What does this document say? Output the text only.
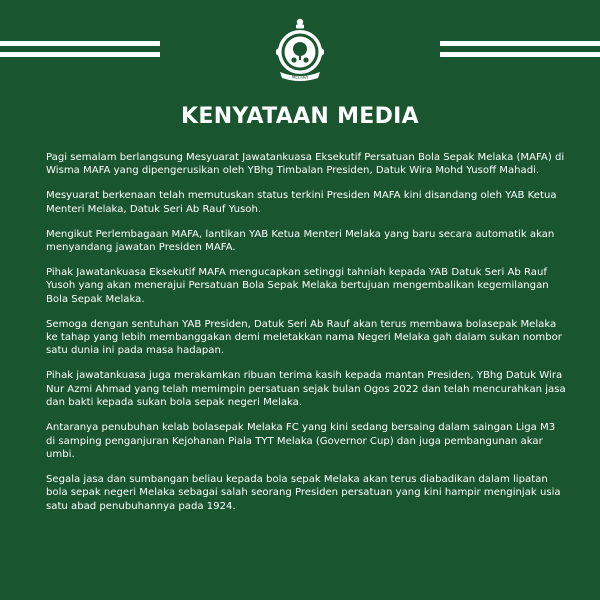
MELAKA
KENYATAAN MEDIA

Pagi semalam berlangsung Mesyuarat Jawatankuasa Eksekutif Persatuan Bola Sepak Melaka (MAFA) di Wisma MAFA yang dipengerusikan oleh YBhg Timbalan Presiden, Datuk Wira Mohd Yusoff Mahadi.

Mesyuarat berkenaan telah memutuskan status terkini Presiden MAFA kini disandang oleh YAB Ketua Menteri Melaka, Datuk Seri Ab Rauf Yusoh.

Mengikut Perlembagaan MAFA, lantikan YAB Ketua Menteri Melaka yang baru secara automatik akan menyandang jawatan Presiden MAFA.

Pihak Jawatankuasa Eksekutif MAFA mengucapkan setinggi tahniah kepada YAB Datuk Seri Ab Rauf Yusoh yang akan menerajui Persatuan Bola Sepak Melaka bertujuan mengembalikan kegemilangan Bola Sepak Melaka.

Semoga dengan sentuhan YAB Presiden, Datuk Seri Ab Rauf akan terus membawa bolasepak Melaka ke tahap yang lebih membanggakan demi meletakkan nama Negeri Melaka gah dalam sukan nombor satu dunia ini pada masa hadapan.

Pihak jawatankuasa juga merakamkan ribuan terima kasih kepada mantan Presiden, YBhg Datuk Wira Nur Azmi Ahmad yang telah memimpin persatuan sejak bulan Ogos 2022 dan telah mencurahkan jasa dan bakti kepada sukan bola sepak negeri Melaka.

Antaranya penubuhan kelab bolasepak Melaka FC yang kini sedang bersaing dalam saingan Liga M3 di samping penganjuran Kejohanan Piala TYT Melaka (Governor Cup) dan juga pembangunan akar umbi.

Segala jasa dan sumbangan beliau kepada bola sepak Melaka akan terus diabadikan dalam lipatan bola sepak negeri Melaka sebagai salah seorang Presiden persatuan yang kini hampir menginjak usia satu abad penubuhannya pada 1924.
